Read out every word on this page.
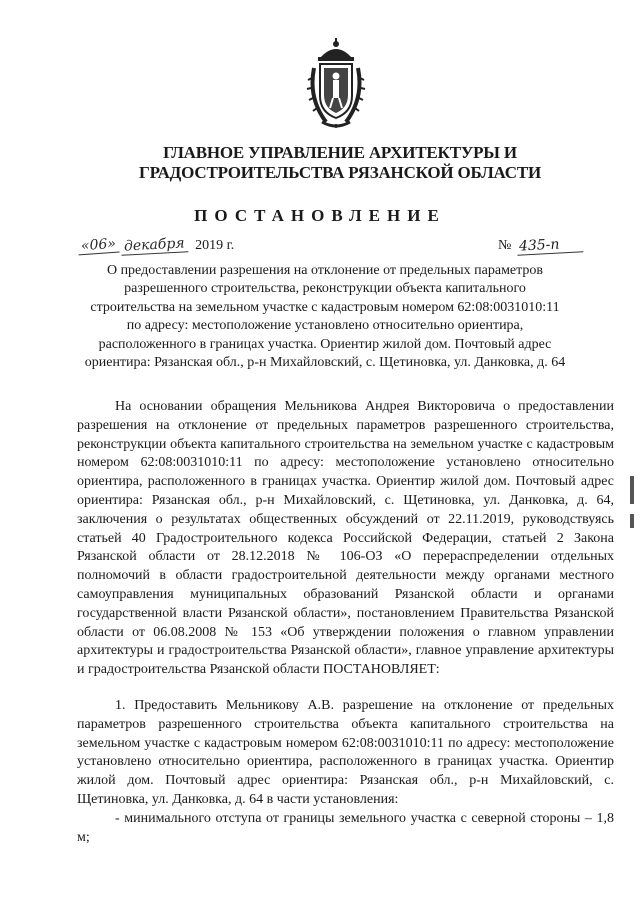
ГЛАВНОЕ УПРАВЛЕНИЕ АРХИТЕКТУРЫ И ГРАДОСТРОИТЕЛЬСТВА РЯЗАНСКОЙ ОБЛАСТИ
ПОСТАНОВЛЕНИЕ
«06» декабря 2019 г.	№ 435-п
О предоставлении разрешения на отклонение от предельных параметров разрешенного строительства, реконструкции объекта капитального строительства на земельном участке с кадастровым номером 62:08:0031010:11 по адресу: местоположение установлено относительно ориентира, расположенного в границах участка. Ориентир жилой дом. Почтовый адрес ориентира: Рязанская обл., р-н Михайловский, с. Щетиновка, ул. Данковка, д. 64

На основании обращения Мельникова Андрея Викторовича о предоставлении разрешения на отклонение от предельных параметров разрешенного строительства, реконструкции объекта капитального строительства на земельном участке с кадастровым номером 62:08:0031010:11 по адресу: местоположение установлено относительно ориентира, расположенного в границах участка. Ориентир жилой дом. Почтовый адрес ориентира: Рязанская обл., р-н Михайловский, с. Щетиновка, ул. Данковка, д. 64, заключения о результатах общественных обсуждений от 22.11.2019, руководствуясь статьей 40 Градостроительного кодекса Российской Федерации, статьей 2 Закона Рязанской области от 28.12.2018 № 106-ОЗ «О перераспределении отдельных полномочий в области градостроительной деятельности между органами местного самоуправления муниципальных образований Рязанской области и органами государственной власти Рязанской области», постановлением Правительства Рязанской области от 06.08.2008 № 153 «Об утверждении положения о главном управлении архитектуры и градостроительства Рязанской области», главное управление архитектуры и градостроительства Рязанской области ПОСТАНОВЛЯЕТ:

1. Предоставить Мельникову А.В. разрешение на отклонение от предельных параметров разрешенного строительства объекта капитального строительства на земельном участке с кадастровым номером 62:08:0031010:11 по адресу: местоположение установлено относительно ориентира, расположенного в границах участка. Ориентир жилой дом. Почтовый адрес ориентира: Рязанская обл., р-н Михайловский, с. Щетиновка, ул. Данковка, д. 64 в части установления:

- минимального отступа от границы земельного участка с северной стороны – 1,8 м;
